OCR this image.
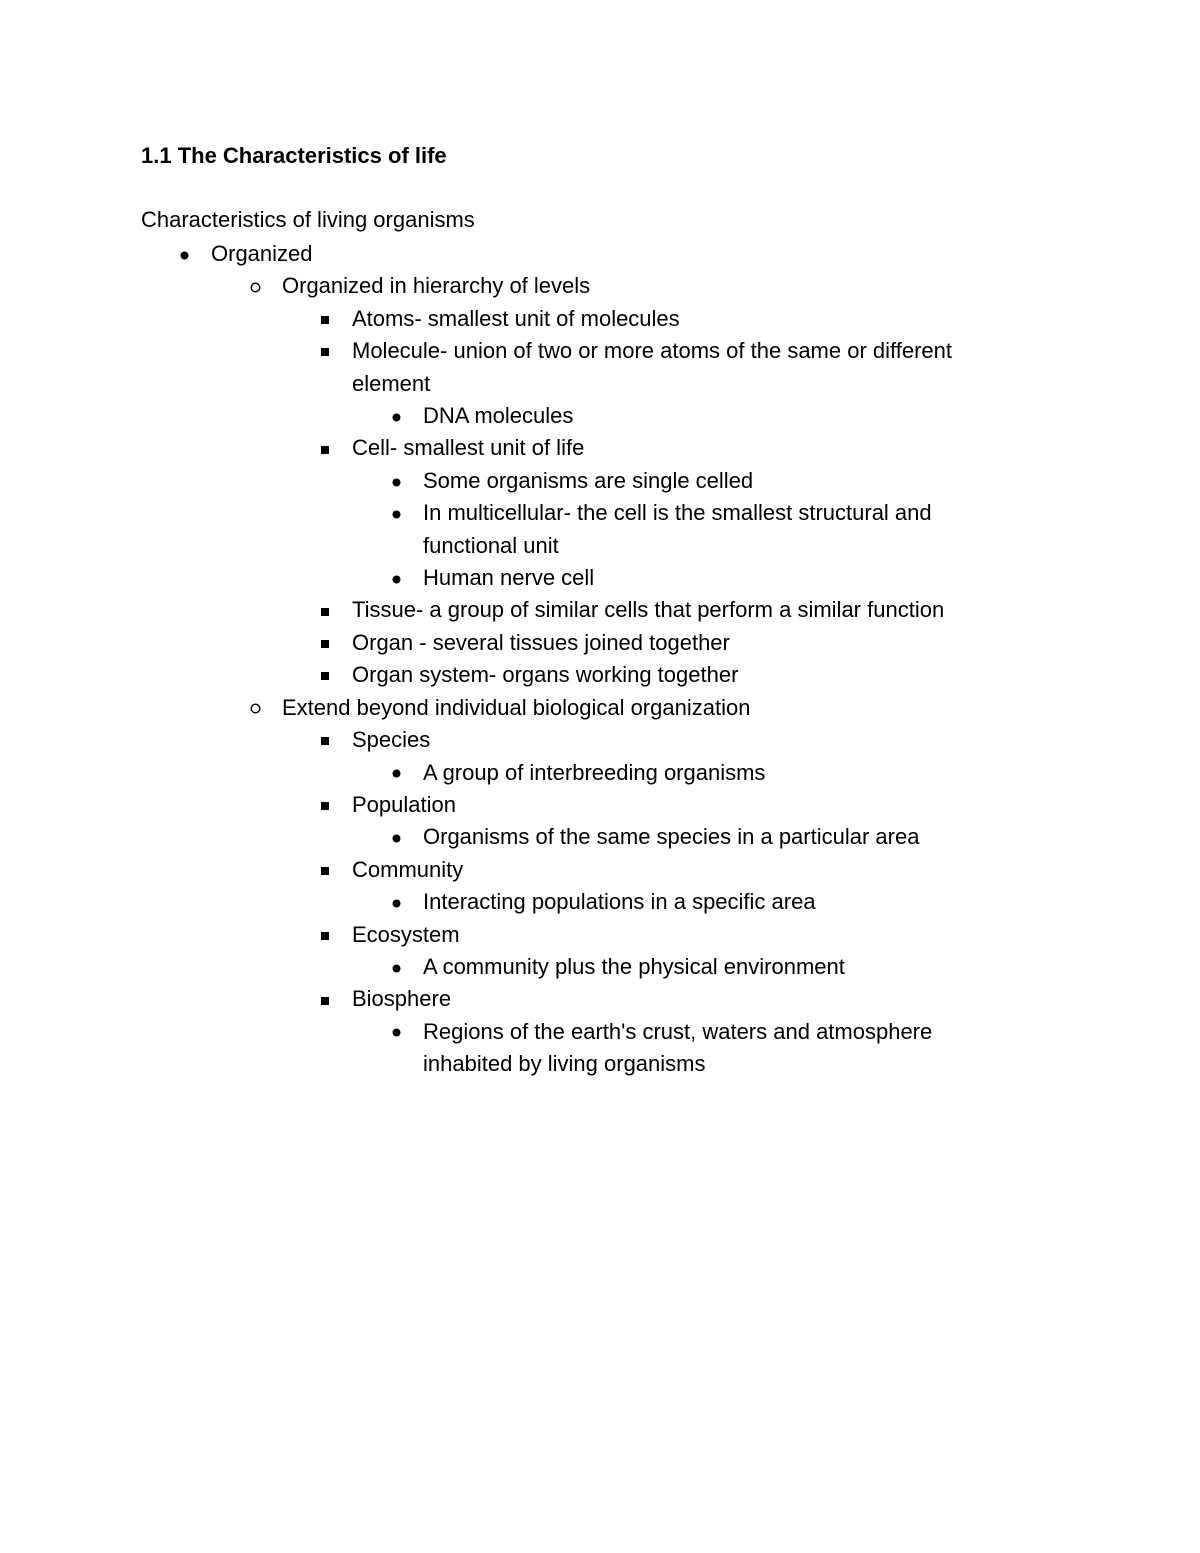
1.1 The Characteristics of life

Characteristics of living organisms

Organized
Organized in hierarchy of levels
Atoms- smallest unit of molecules
Molecule- union of two or more atoms of the same or different element
DNA molecules
Cell- smallest unit of life
Some organisms are single celled
In multicellular- the cell is the smallest structural and functional unit
Human nerve cell
Tissue- a group of similar cells that perform a similar function
Organ - several tissues joined together
Organ system- organs working together
Extend beyond individual biological organization
Species
A group of interbreeding organisms
Population
Organisms of the same species in a particular area
Community
Interacting populations in a specific area
Ecosystem
A community plus the physical environment
Biosphere
Regions of the earth's crust, waters and atmosphere inhabited by living organisms
